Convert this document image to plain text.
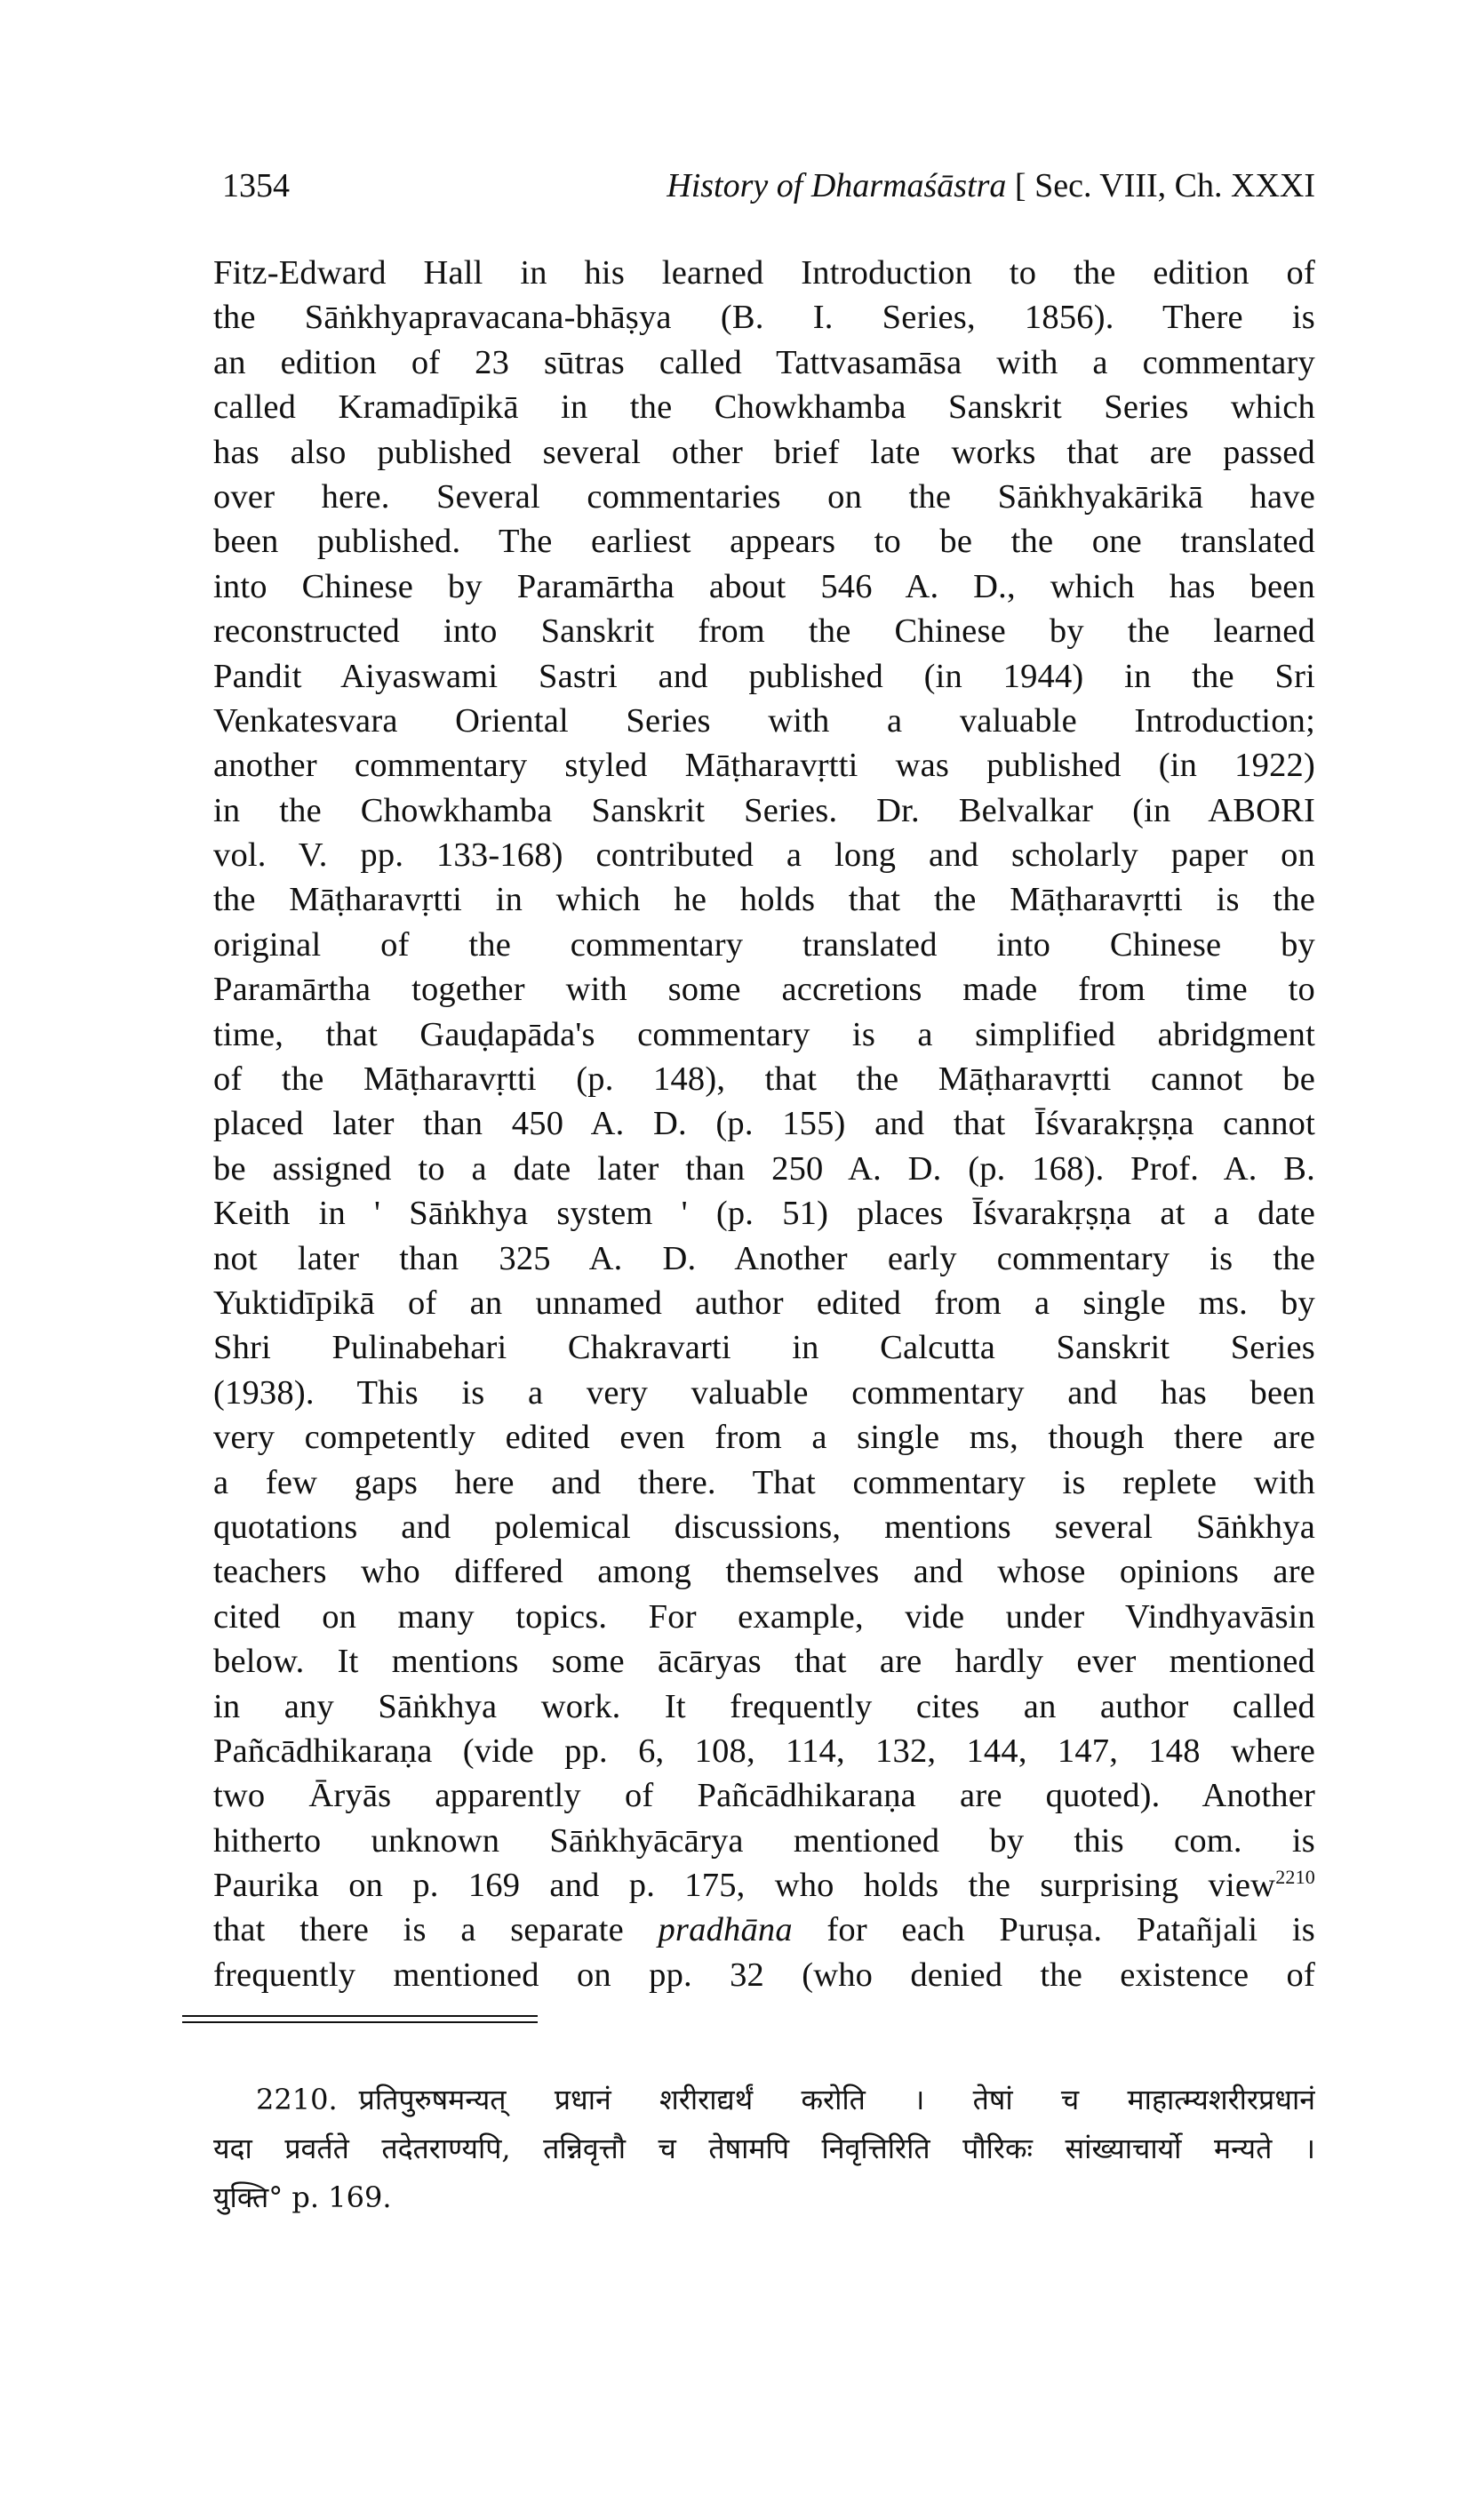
1354	History of Dharmaśāstra [ Sec. VIII, Ch. XXXI
Fitz-Edward Hall in his learned Introduction to the edition of
the Sāṅkhyapravacana-bhāṣya (B. I. Series, 1856). There is
an edition of 23 sūtras called Tattvasamāsa with a commentary
called Kramadīpikā in the Chowkhamba Sanskrit Series which
has also published several other brief late works that are passed
over here. Several commentaries on the Sāṅkhyakārikā have
been published. The earliest appears to be the one translated
into Chinese by Paramārtha about 546 A. D., which has been
reconstructed into Sanskrit from the Chinese by the learned
Pandit Aiyaswami Sastri and published (in 1944) in the Sri
Venkatesvara Oriental Series with a valuable Introduction;
another commentary styled Māṭharavṛtti was published (in 1922)
in the Chowkhamba Sanskrit Series. Dr. Belvalkar (in ABORI
vol. V. pp. 133-168) contributed a long and scholarly paper on
the Māṭharavṛtti in which he holds that the Māṭharavṛtti is the
original of the commentary translated into Chinese by
Paramārtha together with some accretions made from time to
time, that Gauḍapāda's commentary is a simplified abridgment
of the Māṭharavṛtti (p. 148), that the Māṭharavṛtti cannot be
placed later than 450 A. D. (p. 155) and that Īśvarakṛṣṇa cannot
be assigned to a date later than 250 A. D. (p. 168). Prof. A. B.
Keith in ' Sāṅkhya system ' (p. 51) places Īśvarakṛṣṇa at a date
not later than 325 A. D. Another early commentary is the
Yuktidīpikā of an unnamed author edited from a single ms. by
Shri Pulinabehari Chakravarti in Calcutta Sanskrit Series
(1938). This is a very valuable commentary and has been
very competently edited even from a single ms, though there are
a few gaps here and there. That commentary is replete with
quotations and polemical discussions, mentions several Sāṅkhya
teachers who differed among themselves and whose opinions are
cited on many topics. For example, vide under Vindhyavāsin
below. It mentions some ācāryas that are hardly ever mentioned
in any Sāṅkhya work. It frequently cites an author called
Pañcādhikaraṇa (vide pp. 6, 108, 114, 132, 144, 147, 148 where
two Āryās apparently of Pañcādhikaraṇa are quoted). Another
hitherto unknown Sāṅkhyācārya mentioned by this com. is
Paurika on p. 169 and p. 175, who holds the surprising view$^{2210}$
that there is a separate pradhāna for each Puruṣa. Patañjali is
frequently mentioned on pp. 32 (who denied the existence of
2210. प्रतिपुरुषमन्यत् प्रधानं शरीराद्यर्थं करोति । तेषां च माहात्म्यशरीरप्रधानं
यदा प्रवर्तते तदेतराण्यपि, तन्निवृत्तौ च तेषामपि निवृत्तिरिति पौरिकः सांख्याचार्यो मन्यते ।
युक्ति° p. 169.
